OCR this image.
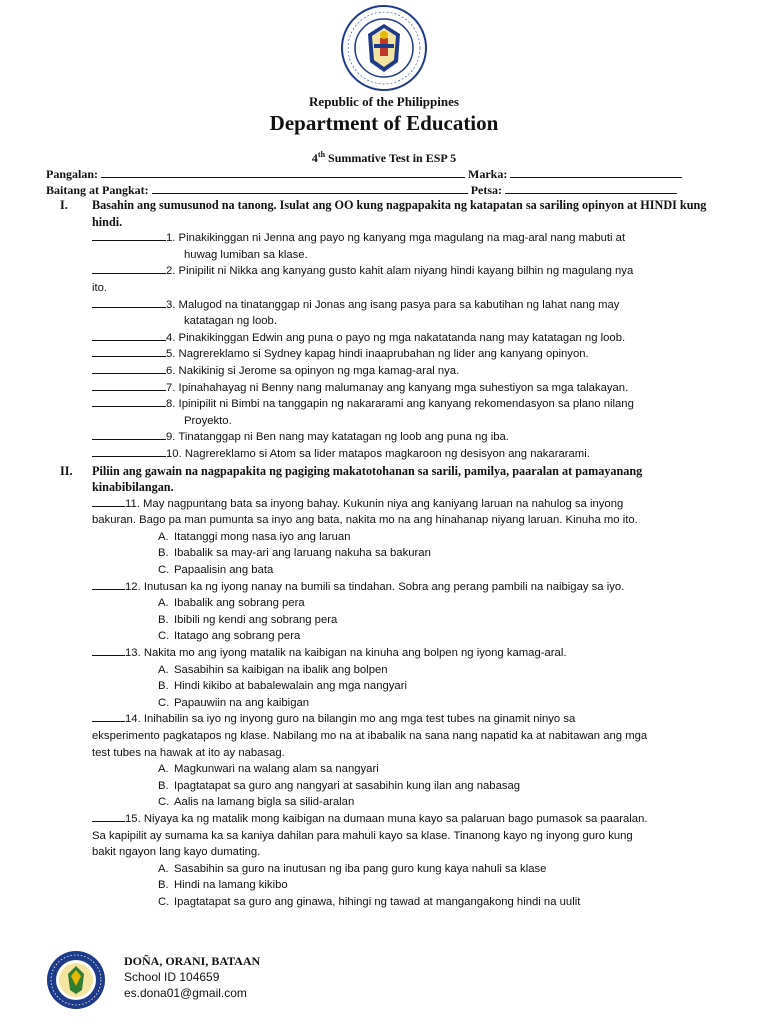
Republic of the Philippines
Department of Education
4th Summative Test in ESP 5
Pangalan:	Marka:
Baitang at Pangkat:	Petsa:
I. Basahin ang sumusunod na tanong. Isulat ang OO kung nagpapakita ng katapatan sa sariling opinyon at HINDI kung hindi.
1. Pinakikinggan ni Jenna ang payo ng kanyang mga magulang na mag-aral nang mabuti at
huwag lumiban sa klase.
2. Pinipilit ni Nikka ang kanyang gusto kahit alam niyang hindi kayang bilhin ng magulang nya
ito.
3. Malugod na tinatanggap ni Jonas ang isang pasya para sa kabutihan ng lahat nang may
katatagan ng loob.
4. Pinakikinggan Edwin ang puna o payo ng mga nakatatanda nang may katatagan ng loob.
5. Nagrereklamo si Sydney kapag hindi inaaprubahan ng lider ang kanyang opinyon.
6. Nakikinig si Jerome sa opinyon ng mga kamag-aral nya.
7. Ipinahahayag ni Benny nang malumanay ang kanyang mga suhestiyon sa mga talakayan.
8. Ipinipilit ni Bimbi na tanggapin ng nakararami ang kanyang rekomendasyon sa plano nilang
Proyekto.
9. Tinatanggap ni Ben nang may katatagan ng loob ang puna ng iba.
10. Nagrereklamo si Atom sa lider matapos magkaroon ng desisyon ang nakararami.
II. Piliin ang gawain na nagpapakita ng pagiging makatotohanan sa sarili, pamilya, paaralan at pamayanang kinabibilangan.
11. May nagpuntang bata sa inyong bahay. Kukunin niya ang kaniyang laruan na nahulog sa inyong
bakuran. Bago pa man pumunta sa inyo ang bata, nakita mo na ang hinahanap niyang laruan. Kinuha mo ito.
A. Itatanggi mong nasa iyo ang laruan
B. Ibabalik sa may-ari ang laruang nakuha sa bakuran
C. Papaalisin ang bata
12. Inutusan ka ng iyong nanay na bumili sa tindahan. Sobra ang perang pambili na naibigay sa iyo.
A. Ibabalik ang sobrang pera
B. Ibibili ng kendi ang sobrang pera
C. Itatago ang sobrang pera
13. Nakita mo ang iyong matalik na kaibigan na kinuha ang bolpen ng iyong kamag-aral.
A. Sasabihin sa kaibigan na ibalik ang bolpen
B. Hindi kikibo at babalewalain ang mga nangyari
C. Papauwiin na ang kaibigan
14. Inihabilin sa iyo ng inyong guro na bilangin mo ang mga test tubes na ginamit ninyo sa
eksperimento pagkatapos ng klase. Nabilang mo na at ibabalik na sana nang napatid ka at nabitawan ang mga
test tubes na hawak at ito ay nabasag.
A. Magkunwari na walang alam sa nangyari
B. Ipagtatapat sa guro ang nangyari at sasabihin kung ilan ang nabasag
C. Aalis na lamang bigla sa silid-aralan
15. Niyaya ka ng matalik mong kaibigan na dumaan muna kayo sa palaruan bago pumasok sa paaralan.
Sa kapipilit ay sumama ka sa kaniya dahilan para mahuli kayo sa klase. Tinanong kayo ng inyong guro kung
bakit ngayon lang kayo dumating.
A. Sasabihin sa guro na inutusan ng iba pang guro kung kaya nahuli sa klase
B. Hindi na lamang kikibo
C. Ipagtatapat sa guro ang ginawa, hihingi ng tawad at mangangakong hindi na uulit
DOÑA, ORANI, BATAAN
School ID 104659
es.dona01@gmail.com
